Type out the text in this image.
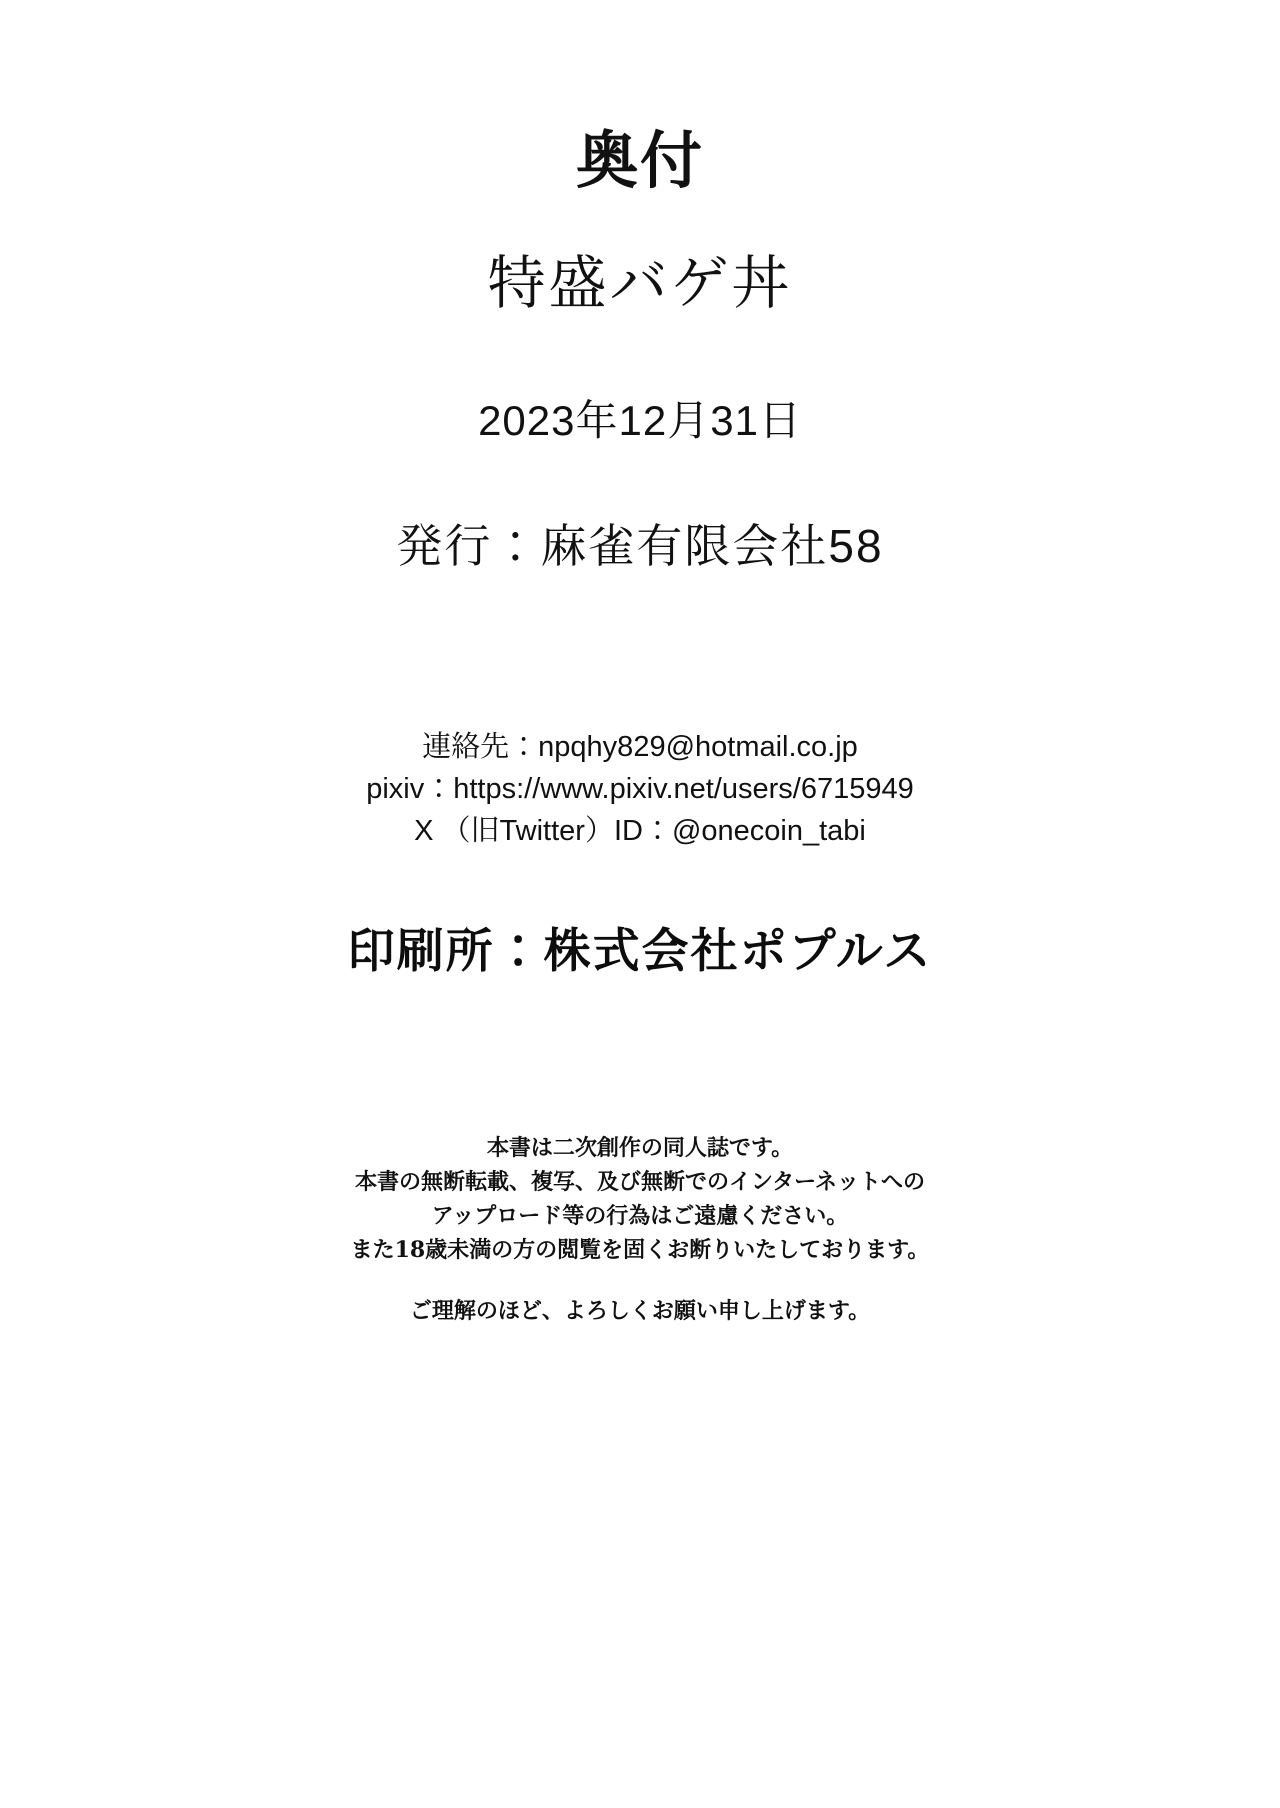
奥付
特盛バゲ丼
2023年12月31日
発行：麻雀有限会社58
連絡先：npqhy829@hotmail.co.jp
pixiv：https://www.pixiv.net/users/6715949
X （旧Twitter）ID：@onecoin_tabi
印刷所：株式会社ポプルス
本書は二次創作の同人誌です。
本書の無断転載、複写、及び無断でのインターネットへの
アップロード等の行為はご遠慮ください。
また18歳未満の方の閲覧を固くお断りいたしております。
ご理解のほど、よろしくお願い申し上げます。
